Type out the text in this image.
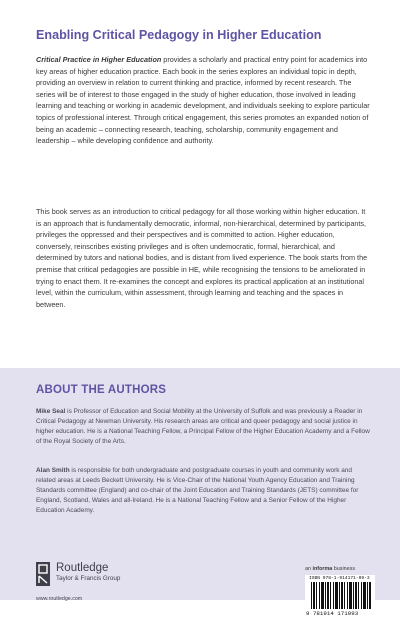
Enabling Critical Pedagogy in Higher Education

Critical Practice in Higher Education provides a scholarly and practical entry point for academics into key areas of higher education practice. Each book in the series explores an individual topic in depth, providing an overview in relation to current thinking and practice, informed by recent research. The series will be of interest to those engaged in the study of higher education, those involved in leading learning and teaching or working in academic development, and individuals seeking to explore particular topics of professional interest. Through critical engagement, this series promotes an expanded notion of being an academic – connecting research, teaching, scholarship, community engagement and leadership – while developing confidence and authority.

This book serves as an introduction to critical pedagogy for all those working within higher education. It is an approach that is fundamentally democratic, informal, non-hierarchical, determined by participants, privileges the oppressed and their perspectives and is committed to action. Higher education, conversely, reinscribes existing privileges and is often undemocratic, formal, hierarchical, and determined by tutors and national bodies, and is distant from lived experience. The book starts from the premise that critical pedagogies are possible in HE, while recognising the tensions to be ameliorated in trying to enact them. It re-examines the concept and explores its practical application at an institutional level, within the curriculum, within assessment, through learning and teaching and the spaces in between.

ABOUT THE AUTHORS

Mike Seal is Professor of Education and Social Mobility at the University of Suffolk and was previously a Reader in Critical Pedagogy at Newman University. His research areas are critical and queer pedagogy and social justice in higher education. He is a National Teaching Fellow, a Principal Fellow of the Higher Education Academy and a Fellow of the Royal Society of the Arts.

Alan Smith is responsible for both undergraduate and postgraduate courses in youth and community work and related areas at Leeds Beckett University. He is Vice-Chair of the National Youth Agency Education and Training Standards committee (England) and co-chair of the Joint Education and Training Standards (JETS) committee for England, Scotland, Wales and all-Ireland. He is a National Teaching Fellow and a Senior Fellow of the Higher Education Academy.

Routledge
Taylor & Francis Group
www.routledge.com
an informa business
ISBN 978-1-914171-09-3
9 781914 171093
